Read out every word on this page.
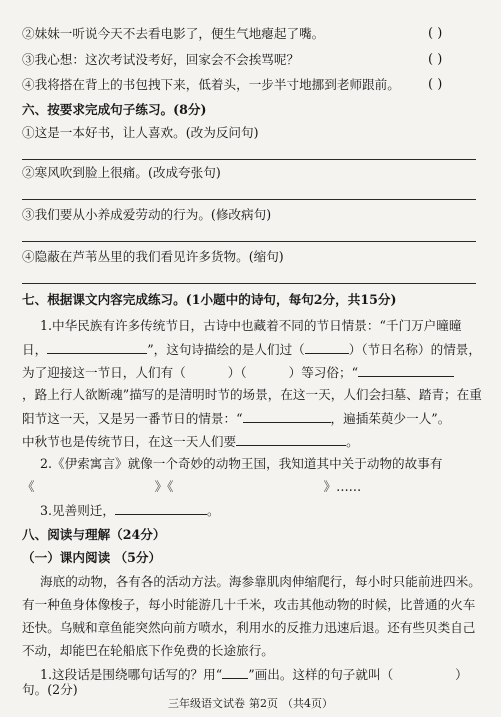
②妹妹一听说今天不去看电影了，便生气地瘪起了嘴。	( )
③我心想：这次考试没考好，回家会不会挨骂呢？	( )
④我将搭在背上的书包拽下来，低着头，一步半寸地挪到老师跟前。 ( )
六、按要求完成句子练习。(8分)
①这是一本好书，让人喜欢。(改为反问句)
②寒风吹到脸上很痛。(改成夸张句)
③我们要从小养成爱劳动的行为。(修改病句)
④隐蔽在芦苇丛里的我们看见许多货物。(缩句)
七、根据课文内容完成练习。(1小题中的诗句，每句2分，共15分)
1.中华民族有许多传统节日，古诗中也藏着不同的节日情景：“千门万户曈曈
日，	”，这句诗描绘的是人们过（	）（节日名称）的情景，
为了迎接这一节日，人们有（	）（	）等习俗；“
，路上行人欲断魂”描写的是清明时节的场景，在这一天，人们会扫墓、踏青；在重
阳节这一天，又是另一番节日的情景：“	，遍插茱萸少一人”。
中秋节也是传统节日，在这一天人们要	。
2.《伊索寓言》就像一个奇妙的动物王国，我知道其中关于动物的故事有
《	》《	》……
3.见善则迁，	。
八、阅读与理解（24分）
（一）课内阅读 （5分）
海底的动物，各有各的活动方法。海参靠肌肉伸缩爬行，每小时只能前进四米。
有一种鱼身体像梭子，每小时能游几十千米，攻击其他动物的时候，比普通的火车
还快。乌贼和章鱼能突然向前方喷水，利用水的反推力迅速后退。还有些贝类自己
不动，却能巴在轮船底下作免费的长途旅行。
1.这段话是围绕哪句话写的？用“ ”画出。这样的句子就叫（	）
句。(2分)
三年级语文试卷 第2页 （共4页）
